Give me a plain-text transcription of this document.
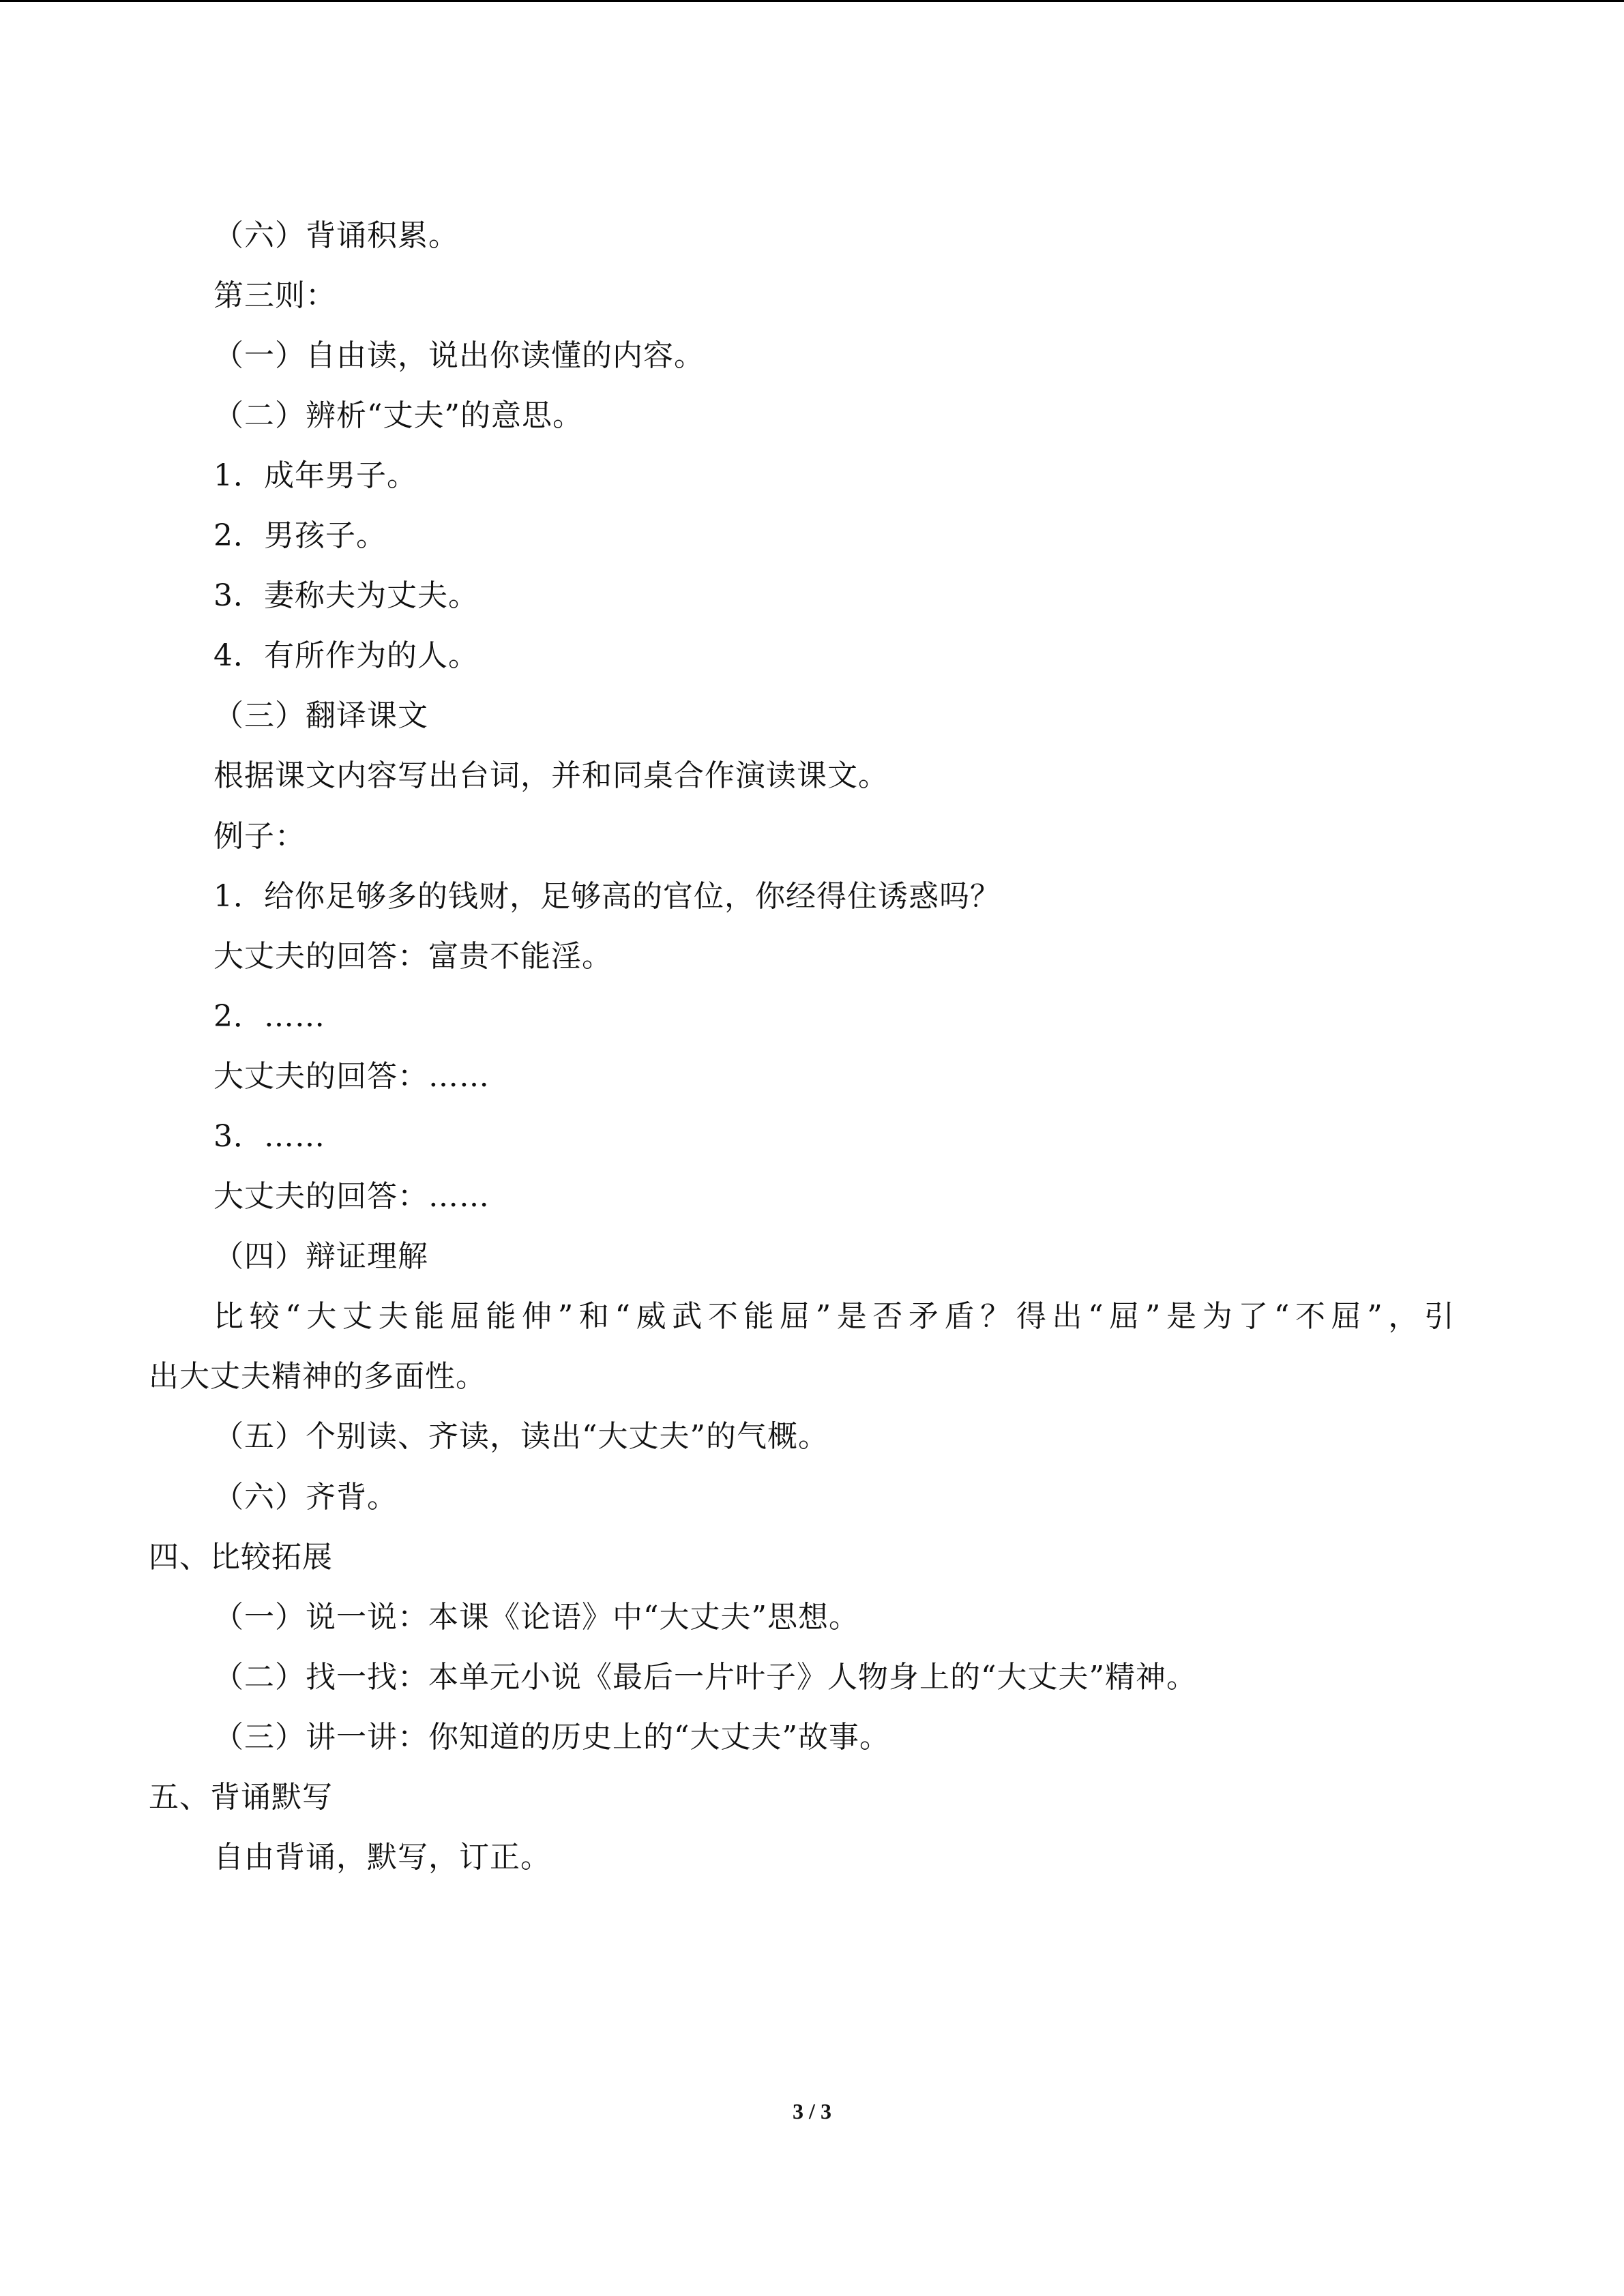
（六）背诵积累。
第三则：
（一）自由读，说出你读懂的内容。
（二）辨析“丈夫”的意思。
1．成年男子。
2．男孩子。
3．妻称夫为丈夫。
4．有所作为的人。
（三）翻译课文
根据课文内容写出台词，并和同桌合作演读课文。
例子：
1．给你足够多的钱财，足够高的官位，你经得住诱惑吗？
大丈夫的回答：富贵不能淫。
2．……
大丈夫的回答：……
3．……
大丈夫的回答：……
（四）辩证理解
比较“大丈夫能屈能伸”和“威武不能屈”是否矛盾？得出“屈”是为了“不屈”，引
出大丈夫精神的多面性。
（五）个别读、齐读，读出“大丈夫”的气概。
（六）齐背。
四、比较拓展
（一）说一说：本课《论语》中“大丈夫”思想。
（二）找一找：本单元小说《最后一片叶子》人物身上的“大丈夫”精神。
（三）讲一讲：你知道的历史上的“大丈夫”故事。
五、背诵默写
自由背诵，默写，订正。
3 / 3
